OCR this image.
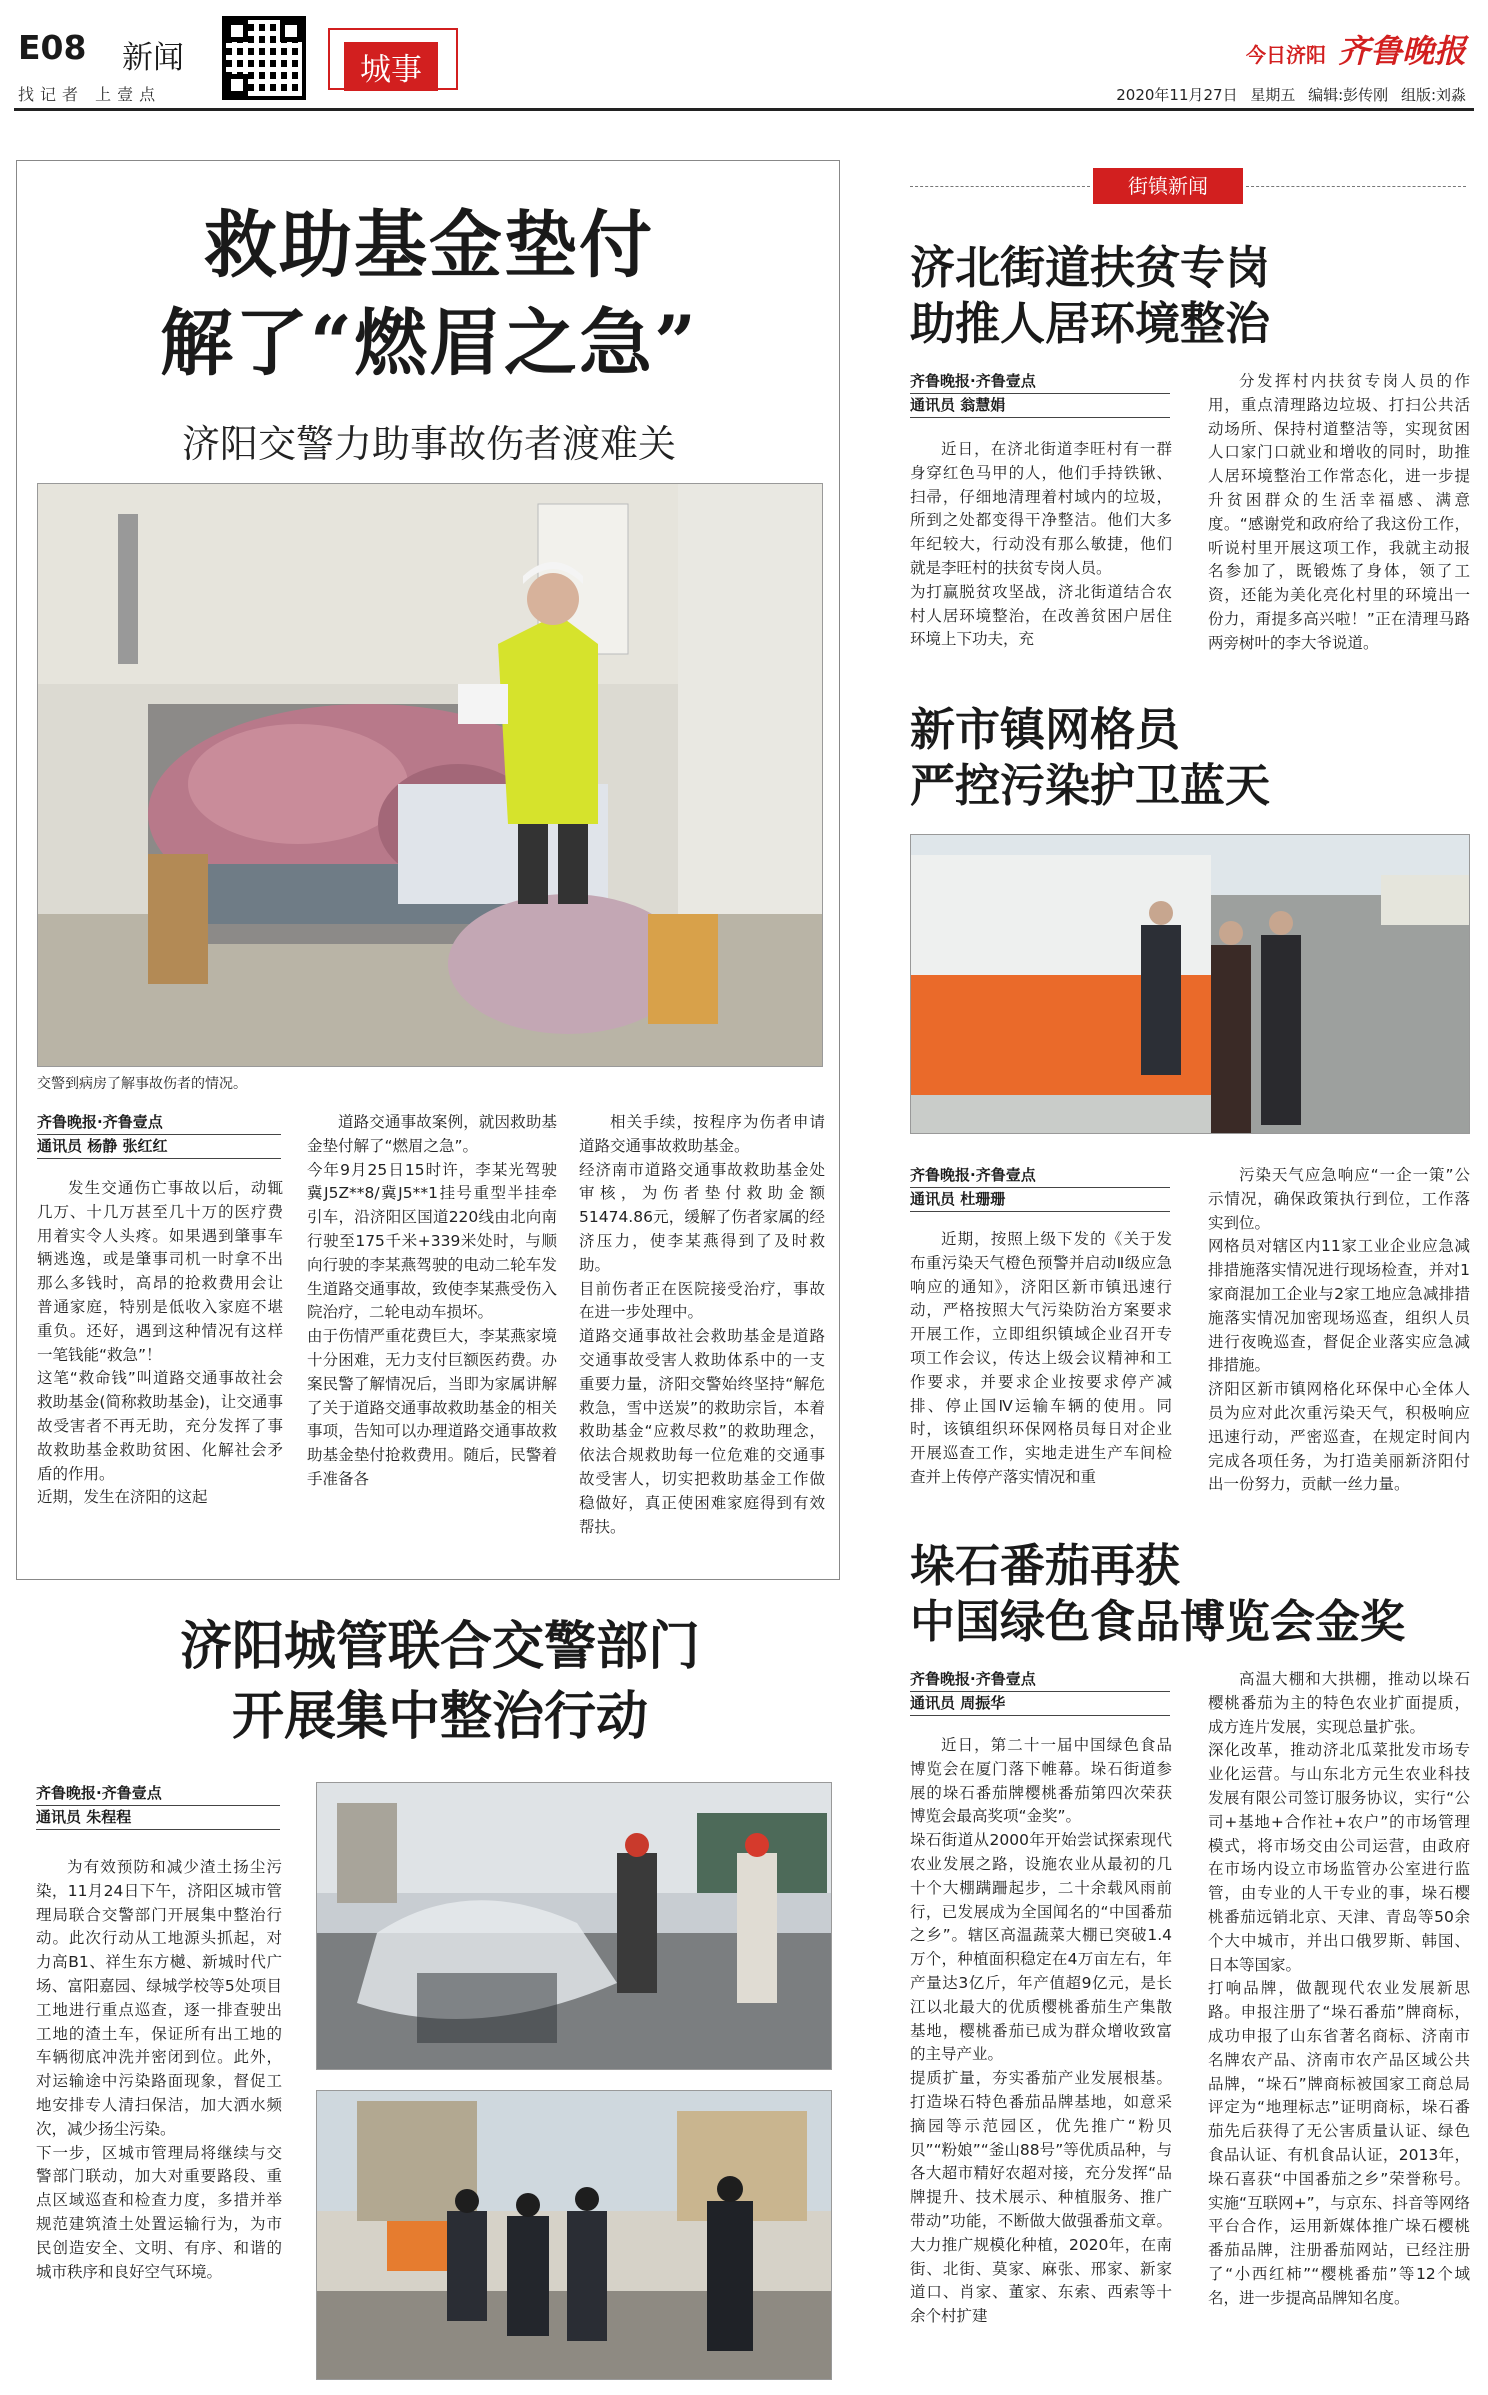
E08 新闻
找记者 上壹点
城事	今日济阳 齐鲁晚报
2020年11月27日 星期五 编辑:彭传刚 组版:刘淼
救助基金垫付
解了“燃眉之急”
济阳交警力助事故伤者渡难关
交警到病房了解事故伤者的情况。
齐鲁晚报·齐鲁壹点
通讯员 杨静 张红红

发生交通伤亡事故以后，动辄几万、十几万甚至几十万的医疗费用着实令人头疼。如果遇到肇事车辆逃逸，或是肇事司机一时拿不出那么多钱时，高昂的抢救费用会让普通家庭，特别是低收入家庭不堪重负。还好，遇到这种情况有这样一笔钱能“救急”！
这笔“救命钱”叫道路交通事故社会救助基金(简称救助基金)，让交通事故受害者不再无助，充分发挥了事故救助基金救助贫困、化解社会矛盾的作用。
近期，发生在济阳的这起

道路交通事故案例，就因救助基金垫付解了“燃眉之急”。
今年9月25日15时许，李某光驾驶冀J5Z**8/冀J5**1挂号重型半挂牵引车，沿济阳区国道220线由北向南行驶至175千米+339米处时，与顺向行驶的李某燕驾驶的电动二轮车发生道路交通事故，致使李某燕受伤入院治疗，二轮电动车损坏。
由于伤情严重花费巨大，李某燕家境十分困难，无力支付巨额医药费。办案民警了解情况后，当即为家属讲解了关于道路交通事故救助基金的相关事项，告知可以办理道路交通事故救助基金垫付抢救费用。随后，民警着手准备各

相关手续，按程序为伤者申请道路交通事故救助基金。
经济南市道路交通事故救助基金处审核，为伤者垫付救助金额51474.86元，缓解了伤者家属的经济压力，使李某燕得到了及时救助。
目前伤者正在医院接受治疗，事故在进一步处理中。
道路交通事故社会救助基金是道路交通事故受害人救助体系中的一支重要力量，济阳交警始终坚持“解危救急，雪中送炭”的救助宗旨，本着救助基金“应救尽救”的救助理念，依法合规救助每一位危难的交通事故受害人，切实把救助基金工作做稳做好，真正使困难家庭得到有效帮扶。

济阳城管联合交警部门
开展集中整治行动
齐鲁晚报·齐鲁壹点
通讯员 朱程程

为有效预防和减少渣土扬尘污染，11月24日下午，济阳区城市管理局联合交警部门开展集中整治行动。此次行动从工地源头抓起，对力高B1、祥生东方樾、新城时代广场、富阳嘉园、绿城学校等5处项目工地进行重点巡查，逐一排查驶出工地的渣土车，保证所有出工地的车辆彻底冲洗并密闭到位。此外，对运输途中污染路面现象，督促工地安排专人清扫保洁，加大洒水频次，减少扬尘污染。
下一步，区城市管理局将继续与交警部门联动，加大对重要路段、重点区域巡查和检查力度，多措并举规范建筑渣土处置运输行为，为市民创造安全、文明、有序、和谐的城市秩序和良好空气环境。

街镇新闻
济北街道扶贫专岗
助推人居环境整治
齐鲁晚报·齐鲁壹点
通讯员 翁慧娟

近日，在济北街道李旺村有一群身穿红色马甲的人，他们手持铁锹、扫帚，仔细地清理着村域内的垃圾，所到之处都变得干净整洁。他们大多年纪较大，行动没有那么敏捷，他们就是李旺村的扶贫专岗人员。
为打赢脱贫攻坚战，济北街道结合农村人居环境整治，在改善贫困户居住环境上下功夫，充

分发挥村内扶贫专岗人员的作用，重点清理路边垃圾、打扫公共活动场所、保持村道整洁等，实现贫困人口家门口就业和增收的同时，助推人居环境整治工作常态化，进一步提升贫困群众的生活幸福感、满意度。“感谢党和政府给了我这份工作，听说村里开展这项工作，我就主动报名参加了，既锻炼了身体，领了工资，还能为美化亮化村里的环境出一份力，甭提多高兴啦！”正在清理马路两旁树叶的李大爷说道。

新市镇网格员
严控污染护卫蓝天
齐鲁晚报·齐鲁壹点
通讯员 杜珊珊

近期，按照上级下发的《关于发布重污染天气橙色预警并启动Ⅱ级应急响应的通知》，济阳区新市镇迅速行动，严格按照大气污染防治方案要求开展工作，立即组织镇域企业召开专项工作会议，传达上级会议精神和工作要求，并要求企业按要求停产减排、停止国Ⅳ运输车辆的使用。同时，该镇组织环保网格员每日对企业开展巡查工作，实地走进生产车间检查并上传停产落实情况和重

污染天气应急响应“一企一策”公示情况，确保政策执行到位，工作落实到位。
网格员对辖区内11家工业企业应急减排措施落实情况进行现场检查，并对1家商混加工企业与2家工地应急减排措施落实情况加密现场巡查，组织人员进行夜晚巡查，督促企业落实应急减排措施。
济阳区新市镇网格化环保中心全体人员为应对此次重污染天气，积极响应迅速行动，严密巡查，在规定时间内完成各项任务，为打造美丽新济阳付出一份努力，贡献一丝力量。

垛石番茄再获
中国绿色食品博览会金奖
齐鲁晚报·齐鲁壹点
通讯员 周振华

近日，第二十一届中国绿色食品博览会在厦门落下帷幕。垛石街道参展的垛石番茄牌樱桃番茄第四次荣获博览会最高奖项“金奖”。
垛石街道从2000年开始尝试探索现代农业发展之路，设施农业从最初的几十个大棚蹒跚起步，二十余载风雨前行，已发展成为全国闻名的“中国番茄之乡”。辖区高温蔬菜大棚已突破1.4万个，种植面积稳定在4万亩左右，年产量达3亿斤，年产值超9亿元，是长江以北最大的优质樱桃番茄生产集散基地，樱桃番茄已成为群众增收致富的主导产业。
提质扩量，夯实番茄产业发展根基。打造垛石特色番茄品牌基地，如意采摘园等示范园区，优先推广“粉贝贝”“粉娘”“釜山88号”等优质品种，与各大超市精好农超对接，充分发挥“品牌提升、技术展示、种植服务、推广带动”功能，不断做大做强番茄文章。大力推广规模化种植，2020年，在南街、北街、莫家、麻张、邢家、新家道口、肖家、董家、东索、西索等十余个村扩建

高温大棚和大拱棚，推动以垛石樱桃番茄为主的特色农业扩面提质，成方连片发展，实现总量扩张。
深化改革，推动济北瓜菜批发市场专业化运营。与山东北方元生农业科技发展有限公司签订服务协议，实行“公司+基地+合作社+农户”的市场管理模式，将市场交由公司运营，由政府在市场内设立市场监管办公室进行监管，由专业的人干专业的事，垛石樱桃番茄远销北京、天津、青岛等50余个大中城市，并出口俄罗斯、韩国、日本等国家。
打响品牌，做靓现代农业发展新思路。申报注册了“垛石番茄”牌商标，成功申报了山东省著名商标、济南市名牌农产品、济南市农产品区域公共品牌，“垛石”牌商标被国家工商总局评定为“地理标志”证明商标，垛石番茄先后获得了无公害质量认证、绿色食品认证、有机食品认证，2013年，垛石喜获“中国番茄之乡”荣誉称号。实施“互联网+”，与京东、抖音等网络平台合作，运用新媒体推广垛石樱桃番茄品牌，注册番茄网站，已经注册了“小西红柿”“樱桃番茄”等12个域名，进一步提高品牌知名度。
